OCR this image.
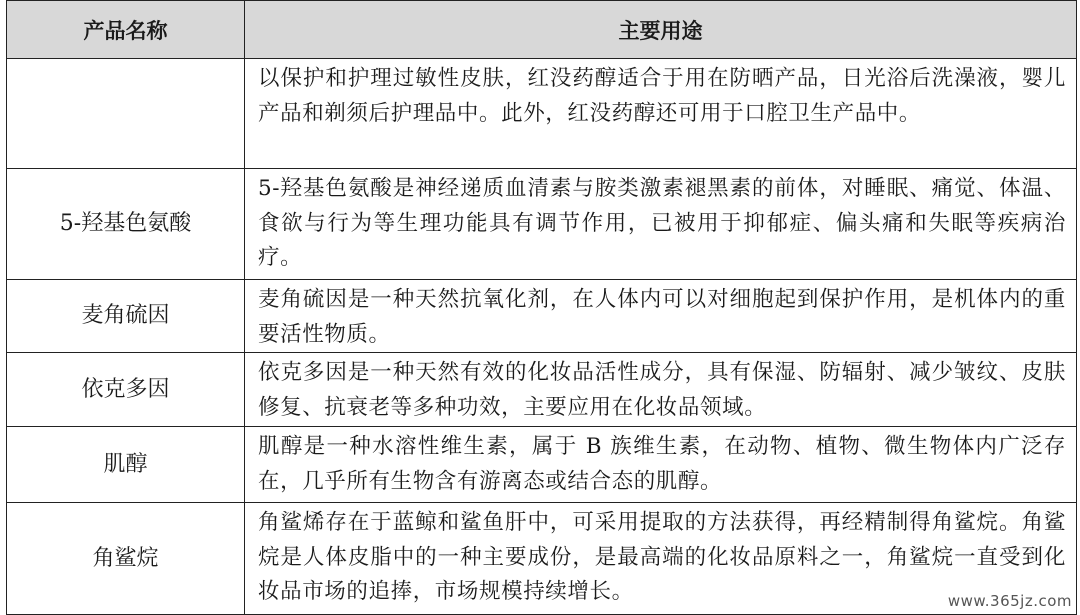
产品名称	主要用途
	以保护和护理过敏性皮肤，红没药醇适合于用在防晒产品，日光浴后洗澡液，婴儿产品和剃须后护理品中。此外，红没药醇还可用于口腔卫生产品中。
5-羟基色氨酸	5-羟基色氨酸是神经递质血清素与胺类激素褪黑素的前体，对睡眠、痛觉、体温、食欲与行为等生理功能具有调节作用，已被用于抑郁症、偏头痛和失眠等疾病治疗。
麦角硫因	麦角硫因是一种天然抗氧化剂，在人体内可以对细胞起到保护作用，是机体内的重要活性物质。
依克多因	依克多因是一种天然有效的化妆品活性成分，具有保湿、防辐射、减少皱纹、皮肤修复、抗衰老等多种功效，主要应用在化妆品领域。
肌醇	肌醇是一种水溶性维生素，属于 B 族维生素，在动物、植物、微生物体内广泛存在，几乎所有生物含有游离态或结合态的肌醇。
角鲨烷	角鲨烯存在于蓝鲸和鲨鱼肝中，可采用提取的方法获得，再经精制得角鲨烷。角鲨烷是人体皮脂中的一种主要成份，是最高端的化妆品原料之一，角鲨烷一直受到化妆品市场的追捧，市场规模持续增长。	www.365jz.com
